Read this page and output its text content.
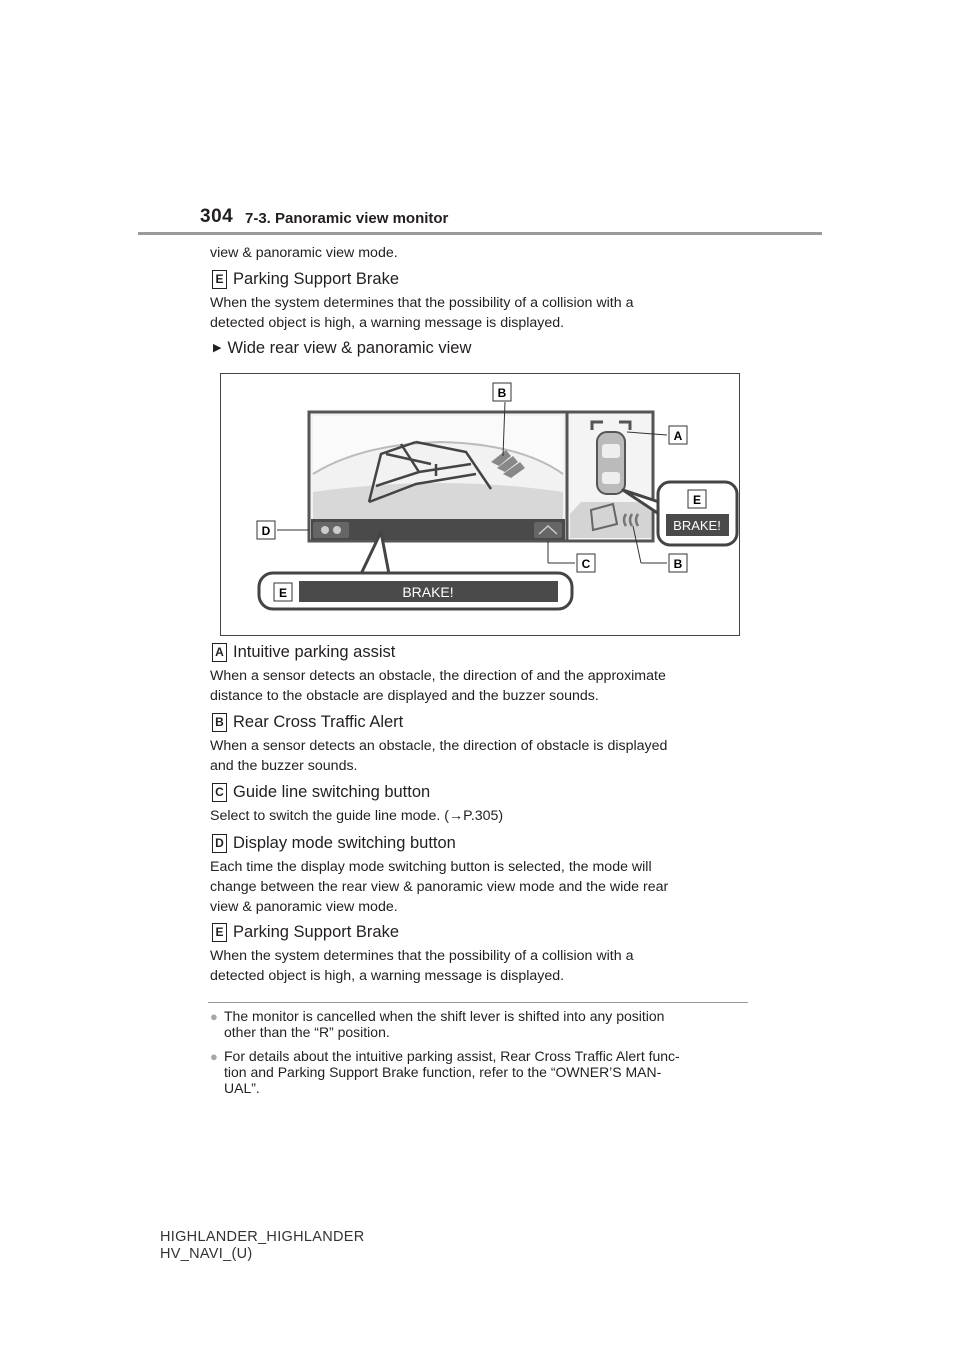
304 7-3. Panoramic view monitor
view & panoramic view mode.
E Parking Support Brake
When the system determines that the possibility of a collision with a
detected object is high, a warning message is displayed.
▶ Wide rear view & panoramic view
BRAKE!
BRAKE!
B
A
E
D
C	B
E
A Intuitive parking assist
When a sensor detects an obstacle, the direction of and the approximate
distance to the obstacle are displayed and the buzzer sounds.
B Rear Cross Traffic Alert
When a sensor detects an obstacle, the direction of obstacle is displayed
and the buzzer sounds.
C Guide line switching button
Select to switch the guide line mode. (→P.305)
D Display mode switching button
Each time the display mode switching button is selected, the mode will
change between the rear view & panoramic view mode and the wide rear
view & panoramic view mode.
E Parking Support Brake
When the system determines that the possibility of a collision with a
detected object is high, a warning message is displayed.
● The monitor is cancelled when the shift lever is shifted into any position
other than the “R” position.
● For details about the intuitive parking assist, Rear Cross Traffic Alert func-
tion and Parking Support Brake function, refer to the “OWNER’S MAN-
UAL”.
HIGHLANDER_HIGHLANDER
HV_NAVI_(U)
